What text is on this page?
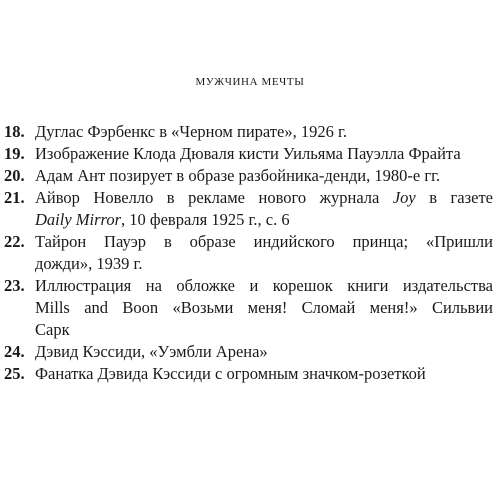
МУЖЧИНА МЕЧТЫ
18. Дуглас Фэрбенкс в «Черном пирате», 1926 г.
19. Изображение Клода Дюваля кисти Уильяма Пауэлла Фрайта
20. Адам Ант позирует в образе разбойника-денди, 1980-е гг.
21. Айвор Новелло в рекламе нового журнала Joy в газете
Daily Mirror, 10 февраля 1925 г., с. 6
22. Тайрон Пауэр в образе индийского принца; «Пришли
дожди», 1939 г.
23. Иллюстрация на обложке и корешок книги издательства
Mills and Boon «Возьми меня! Сломай меня!» Сильвии
Сарк
24. Дэвид Кэссиди, «Уэмбли Арена»
25. Фанатка Дэвида Кэссиди с огромным значком-розеткой
